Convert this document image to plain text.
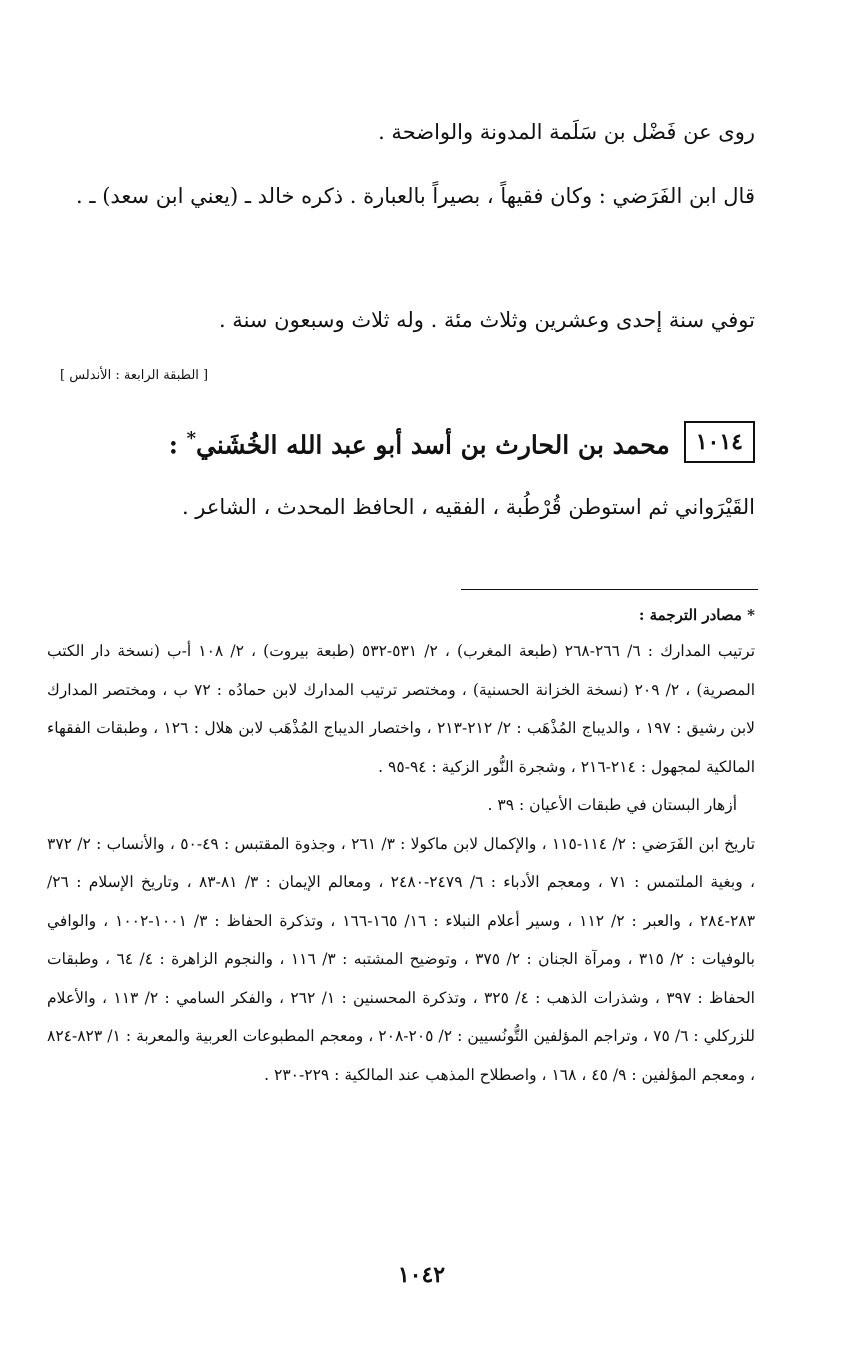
روى عن فَضْل بن سَلَمة المدونة والواضحة .
قال ابن الفَرَضي : وكان فقيهاً ، بصيراً بالعبارة . ذكره خالد ـ (يعني ابن سعد) ـ .
توفي سنة إحدى وعشرين وثلاث مئة . وله ثلاث وسبعون سنة .
[ الطبقة الرابعة : الأندلس ]
١٠١٤
محمد بن الحارث بن أسد أبو عبد الله الخُشَني* :
القَيْرَواني ثم استوطن قُرْطُبة ، الفقيه ، الحافظ المحدث ، الشاعر .
* مصادر الترجمة :

ترتيب المدارك : ٦/ ٢٦٦-٢٦٨ (طبعة المغرب) ، ٢/ ٥٣١-٥٣٢ (طبعة بيروت) ، ٢/ ١٠٨ أ-ب (نسخة دار الكتب المصرية) ، ٢/ ٢٠٩ (نسخة الخزانة الحسنية) ، ومختصر ترتيب المدارك لابن حمادُه : ٧٢ ب ، ومختصر المدارك لابن رشيق : ١٩٧ ، والديباج المُذْهَب : ٢/ ٢١٢-٢١٣ ، واختصار الديباج المُذْهَب لابن هلال : ١٢٦ ، وطبقات الفقهاء المالكية لمجهول : ٢١٤-٢١٦ ، وشجرة النُّور الزكية : ٩٤-٩٥ .

أزهار البستان في طبقات الأعيان : ٣٩ .

تاريخ ابن الفَرَضي : ٢/ ١١٤-١١٥ ، والإكمال لابن ماكولا : ٣/ ٢٦١ ، وجذوة المقتبس : ٤٩-٥٠ ، والأنساب : ٢/ ٣٧٢ ، وبغية الملتمس : ٧١ ، ومعجم الأدباء : ٦/ ٢٤٧٩-٢٤٨٠ ، ومعالم الإيمان : ٣/ ٨١-٨٣ ، وتاريخ الإسلام : ٢٦/ ٢٨٣-٢٨٤ ، والعبر : ٢/ ١١٢ ، وسير أعلام النبلاء : ١٦/ ١٦٥-١٦٦ ، وتذكرة الحفاظ : ٣/ ١٠٠١-١٠٠٢ ، والوافي بالوفيات : ٢/ ٣١٥ ، ومرآة الجنان : ٢/ ٣٧٥ ، وتوضيح المشتبه : ٣/ ١١٦ ، والنجوم الزاهرة : ٤/ ٦٤ ، وطبقات الحفاظ : ٣٩٧ ، وشذرات الذهب : ٤/ ٣٢٥ ، وتذكرة المحسنين : ١/ ٢٦٢ ، والفكر السامي : ٢/ ١١٣ ، والأعلام للزركلي : ٦/ ٧٥ ، وتراجم المؤلفين التُّونُسيين : ٢/ ٢٠٥-٢٠٨ ، ومعجم المطبوعات العربية والمعربة : ١/ ٨٢٣-٨٢٤ ، ومعجم المؤلفين : ٩/ ٤٥ ، ١٦٨ ، واصطلاح المذهب عند المالكية : ٢٢٩-٢٣٠ .

١٠٤٢
